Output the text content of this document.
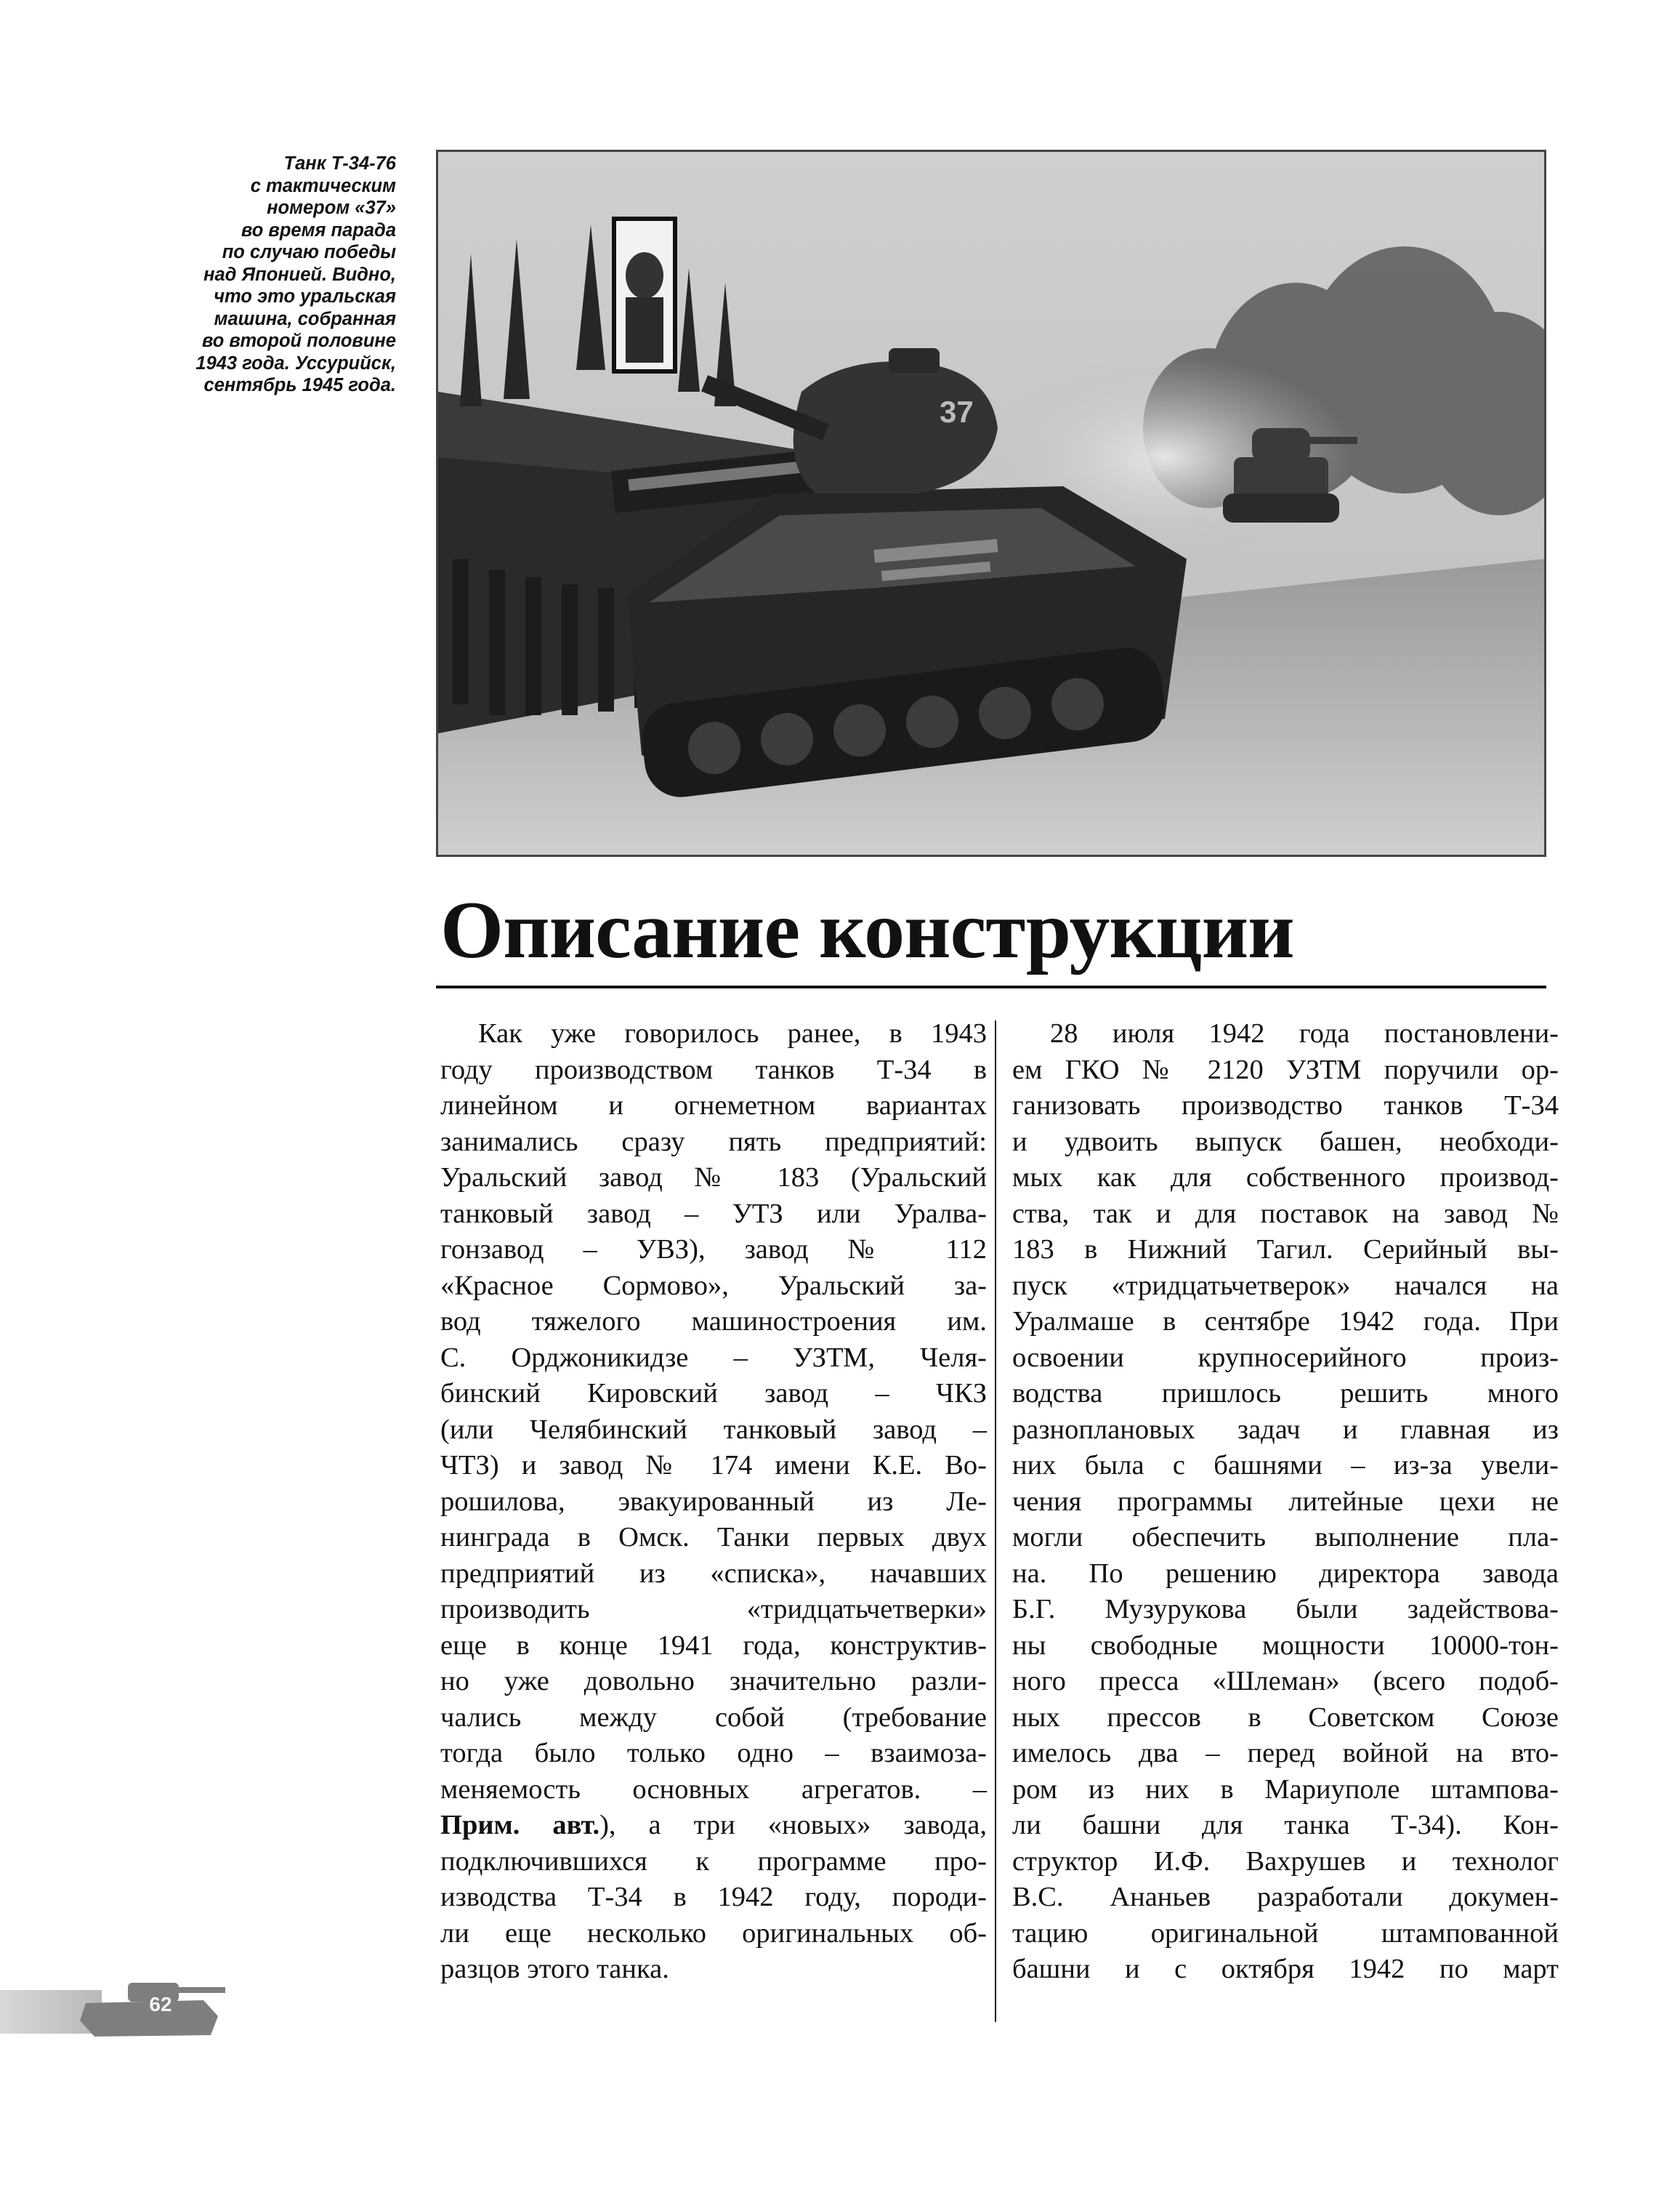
Танк Т-34-76
с тактическим
номером «37»
во время парада
по случаю победы
над Японией. Видно,
что это уральская
машина, собранная
во второй половине
1943 года. Уссурийск,
сентябрь 1945 года.
37
Описание конструкции
Как уже говорилось ранее, в 1943
году производством танков Т-34 в
линейном и огнеметном вариантах
занимались сразу пять предприятий:
Уральский завод № 183 (Уральский
танковый завод – УТЗ или Уралва-
гонзавод – УВЗ), завод № 112
«Красное Сормово», Уральский за-
вод тяжелого машиностроения им.
С. Орджоникидзе – УЗТМ, Челя-
бинский Кировский завод – ЧКЗ
(или Челябинский танковый завод –
ЧТЗ) и завод № 174 имени К.Е. Во-
рошилова, эвакуированный из Ле-
нинграда в Омск. Танки первых двух
предприятий из «списка», начавших
производить «тридцатьчетверки»
еще в конце 1941 года, конструктив-
но уже довольно значительно разли-
чались между собой (требование
тогда было только одно – взаимоза-
меняемость основных агрегатов. –
Прим. авт.), а три «новых» завода,
подключившихся к программе про-
изводства Т-34 в 1942 году, породи-
ли еще несколько оригинальных об-
разцов этого танка.
28 июля 1942 года постановлени-
ем ГКО № 2120 УЗТМ поручили ор-
ганизовать производство танков Т-34
и удвоить выпуск башен, необходи-
мых как для собственного производ-
ства, так и для поставок на завод №
183 в Нижний Тагил. Серийный вы-
пуск «тридцатьчетверок» начался на
Уралмаше в сентябре 1942 года. При
освоении крупносерийного произ-
водства пришлось решить много
разноплановых задач и главная из
них была с башнями – из-за увели-
чения программы литейные цехи не
могли обеспечить выполнение пла-
на. По решению директора завода
Б.Г. Музурукова были задействова-
ны свободные мощности 10000-тон-
ного пресса «Шлеман» (всего подоб-
ных прессов в Советском Союзе
имелось два – перед войной на вто-
ром из них в Мариуполе штампова-
ли башни для танка Т-34). Кон-
структор И.Ф. Вахрушев и технолог
В.С. Ананьев разработали докумен-
тацию оригинальной штампованной
башни и с октября 1942 по март
62
